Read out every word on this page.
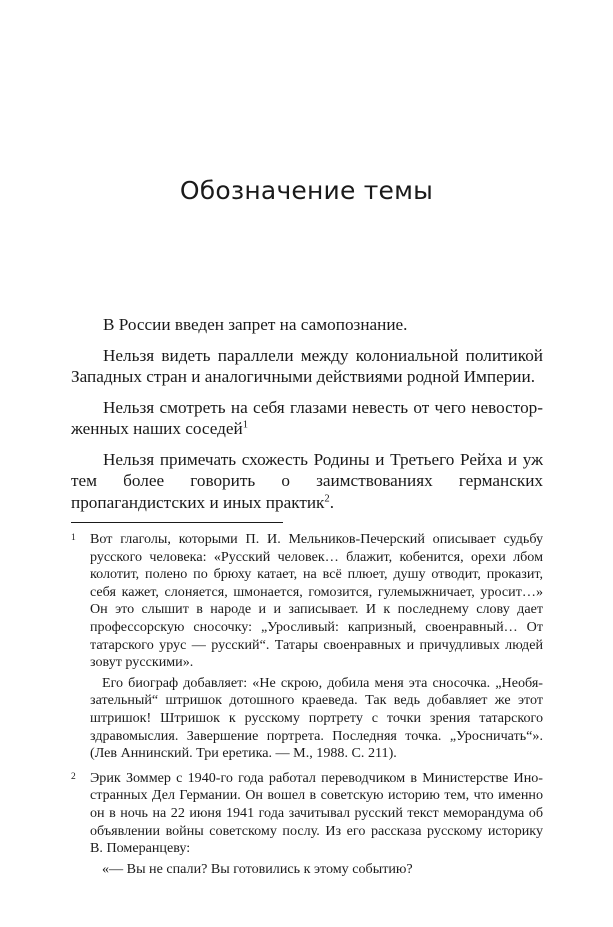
Обозначение темы

В России введен запрет на самопознание.

Нельзя видеть параллели между колониальной политикой Западных стран и аналогичными действиями родной Империи.

Нельзя смотреть на себя глазами невесть от чего невосторженных наших соседей$^1$

Нельзя примечать схожесть Родины и Третьего Рейха и уж тем более говорить о заимствованиях германских пропагандистских и иных практик$^2$.

1	Вот глаголы, которыми П. И. Мельников-Печерский описывает судьбу русского человека: «Русский человек… блажит, кобенится, орехи лбом колотит, полено по брюху катает, на всё плюет, душу отводит, проказит, себя кажет, слоняется, шмонается, гомозится, гулемыжничает, уросит…» Он это слышит в народе и и записывает. И к последнему слову дает профессорскую сносочку: „Уросливый: капризный, своенравный… От татарского урус — русский“. Татары своенравных и причудливых людей зовут русскими».

Его биограф добавляет: «Не скрою, добила меня эта сносочка. „Необязательный“ штришок дотошного краеведа. Так ведь добавляет же этот штришок! Штришок к русскому портрету с точки зрения татарского здравомыслия. Завершение портрета. Последняя точка. „Уросничать“». (Лев Аннинский. Три еретика. — М., 1988. С. 211).

2	Эрик Зоммер с 1940-го года работал переводчиком в Министерстве Иностранных Дел Германии. Он вошел в советскую историю тем, что именно он в ночь на 22 июня 1941 года зачитывал русский текст меморандума об объявлении войны советскому послу. Из его рассказа русскому историку В. Померанцеву:

«— Вы не спали? Вы готовились к этому событию?
